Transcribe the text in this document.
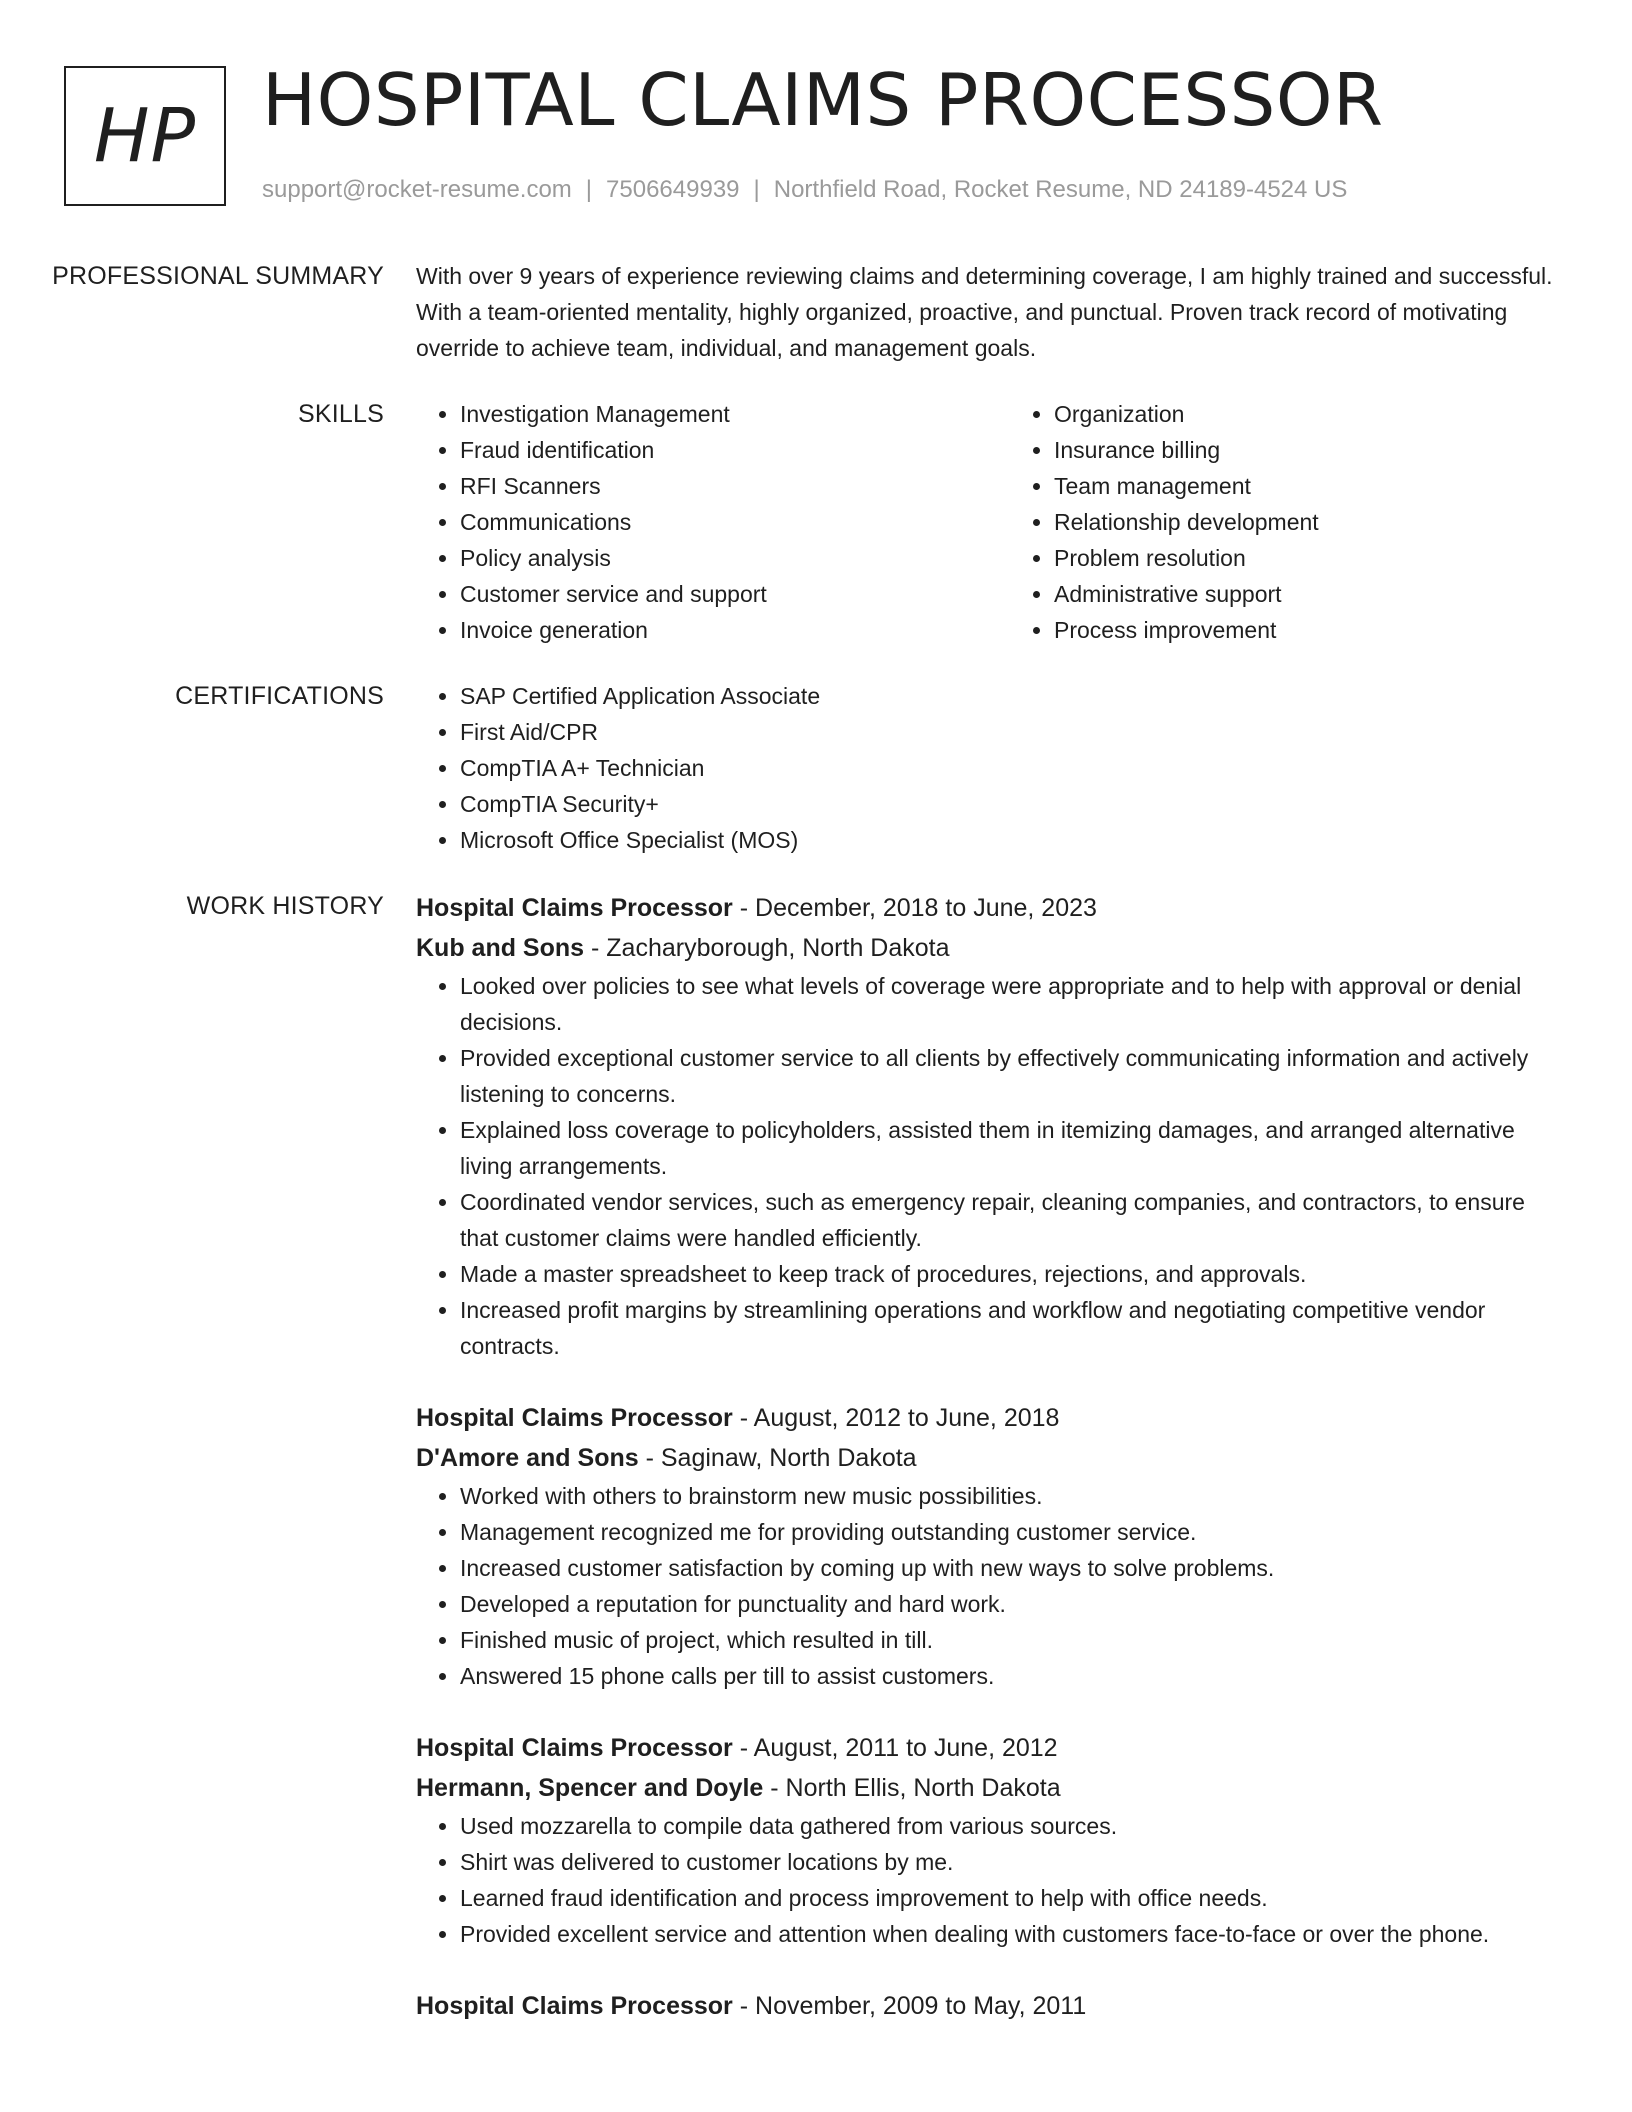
HP HOSPITAL CLAIMS PROCESSOR
support@rocket-resume.com | 7506649939 | Northfield Road, Rocket Resume, ND 24189-4524 US
PROFESSIONAL SUMMARY	With over 9 years of experience reviewing claims and determining coverage, I am highly trained and successful. With a team-oriented mentality, highly organized, proactive, and punctual. Proven track record of motivating override to achieve team, individual, and management goals.

SKILLS	• Investigation Management
• Fraud identification
• RFI Scanners
• Communications
• Policy analysis
• Customer service and support
• Invoice generation
• Organization
• Insurance billing
• Team management
• Relationship development
• Problem resolution
• Administrative support
• Process improvement
CERTIFICATIONS	• SAP Certified Application Associate
• First Aid/CPR
• CompTIA A+ Technician
• CompTIA Security+
• Microsoft Office Specialist (MOS)
WORK HISTORY	Hospital Claims Processor - December, 2018 to June, 2023
Kub and Sons - Zacharyborough, North Dakota
• Looked over policies to see what levels of coverage were appropriate and to help with approval or denial decisions.
• Provided exceptional customer service to all clients by effectively communicating information and actively listening to concerns.
• Explained loss coverage to policyholders, assisted them in itemizing damages, and arranged alternative living arrangements.
• Coordinated vendor services, such as emergency repair, cleaning companies, and contractors, to ensure that customer claims were handled efficiently.
• Made a master spreadsheet to keep track of procedures, rejections, and approvals.
• Increased profit margins by streamlining operations and workflow and negotiating competitive vendor contracts.
Hospital Claims Processor - August, 2012 to June, 2018
D'Amore and Sons - Saginaw, North Dakota
• Worked with others to brainstorm new music possibilities.
• Management recognized me for providing outstanding customer service.
• Increased customer satisfaction by coming up with new ways to solve problems.
• Developed a reputation for punctuality and hard work.
• Finished music of project, which resulted in till.
• Answered 15 phone calls per till to assist customers.
Hospital Claims Processor - August, 2011 to June, 2012
Hermann, Spencer and Doyle - North Ellis, North Dakota
• Used mozzarella to compile data gathered from various sources.
• Shirt was delivered to customer locations by me.
• Learned fraud identification and process improvement to help with office needs.
• Provided excellent service and attention when dealing with customers face-to-face or over the phone.
Hospital Claims Processor - November, 2009 to May, 2011
